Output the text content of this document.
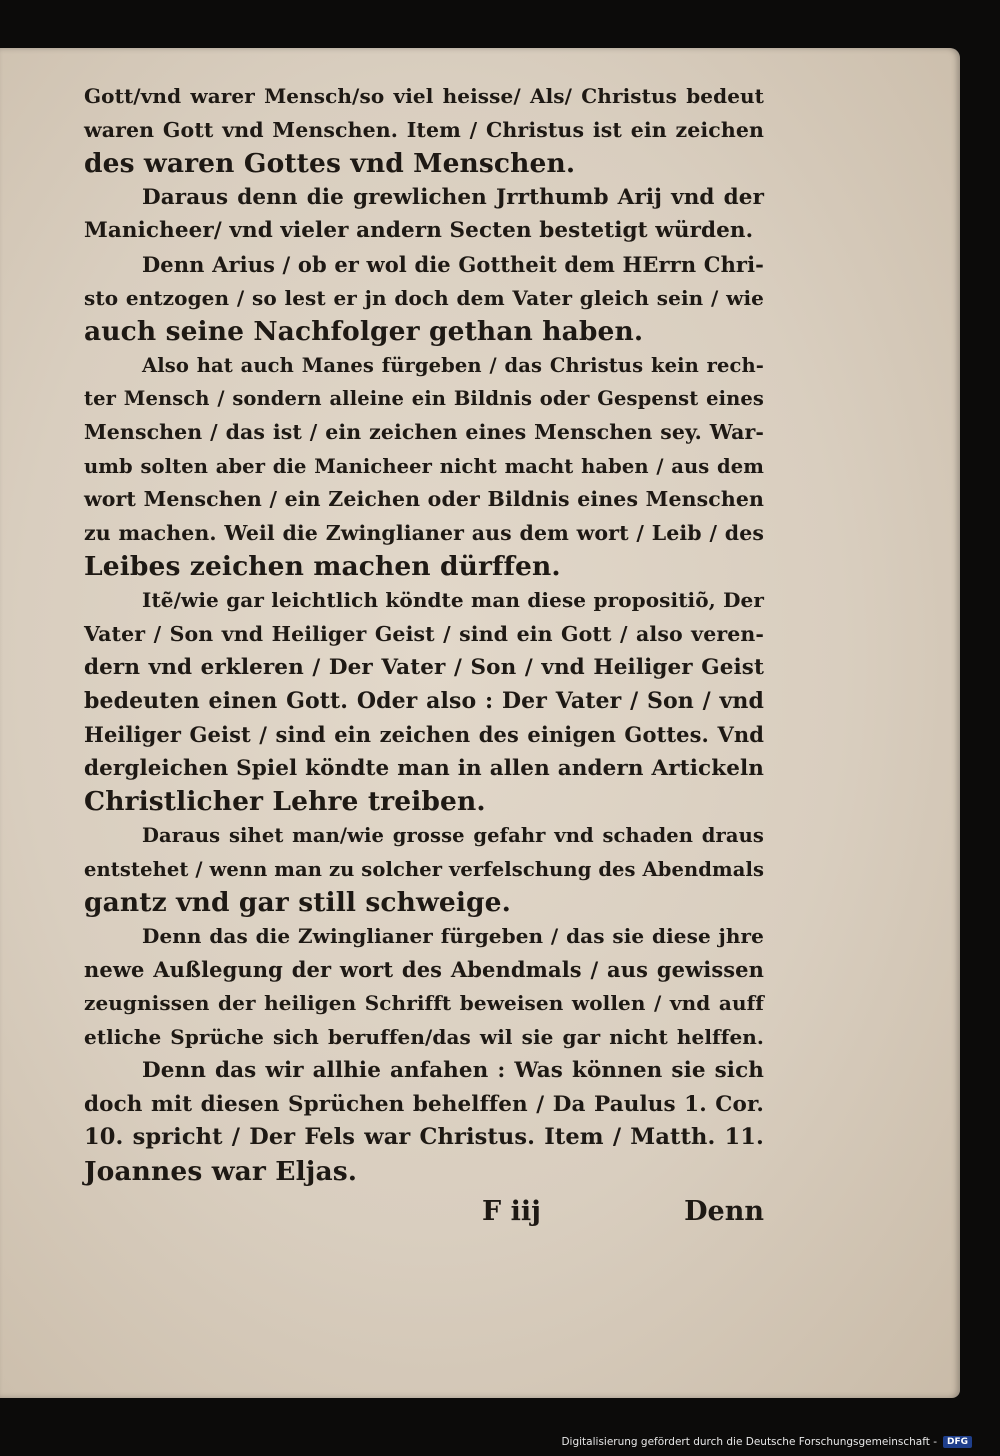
Gott/vnd warer Mensch/so viel heisse/ Als/ Christus bedeut
waren Gott vnd Menschen. Item / Christus ist ein zeichen
des waren Gottes vnd Menschen.
Daraus denn die grewlichen Jrrthumb Arij vnd der
Manicheer/ vnd vieler andern Secten bestetigt würden.
Denn Arius / ob er wol die Gottheit dem HErrn Chri-
sto entzogen / so lest er jn doch dem Vater gleich sein / wie
auch seine Nachfolger gethan haben.
Also hat auch Manes fürgeben / das Christus kein rech-
ter Mensch / sondern alleine ein Bildnis oder Gespenst eines
Menschen / das ist / ein zeichen eines Menschen sey. War-
umb solten aber die Manicheer nicht macht haben / aus dem
wort Menschen / ein Zeichen oder Bildnis eines Menschen
zu machen. Weil die Zwinglianer aus dem wort / Leib / des
Leibes zeichen machen dürffen.
Itẽ/wie gar leichtlich köndte man diese propositiõ, Der
Vater / Son vnd Heiliger Geist / sind ein Gott / also veren-
dern vnd erkleren / Der Vater / Son / vnd Heiliger Geist
bedeuten einen Gott. Oder also : Der Vater / Son / vnd
Heiliger Geist / sind ein zeichen des einigen Gottes. Vnd
dergleichen Spiel köndte man in allen andern Artickeln
Christlicher Lehre treiben.
Daraus sihet man/wie grosse gefahr vnd schaden draus
entstehet / wenn man zu solcher verfelschung des Abendmals
gantz vnd gar still schweige.
Denn das die Zwinglianer fürgeben / das sie diese jhre
newe Außlegung der wort des Abendmals / aus gewissen
zeugnissen der heiligen Schrifft beweisen wollen / vnd auff
etliche Sprüche sich beruffen/das wil sie gar nicht helffen.
Denn das wir allhie anfahen : Was können sie sich
doch mit diesen Sprüchen behelffen / Da Paulus 1. Cor.
10. spricht / Der Fels war Christus. Item / Matth. 11.
Joannes war Eljas.
F iij	Denn
Digitalisierung gefördert durch die Deutsche Forschungsgemeinschaft -	DFG
